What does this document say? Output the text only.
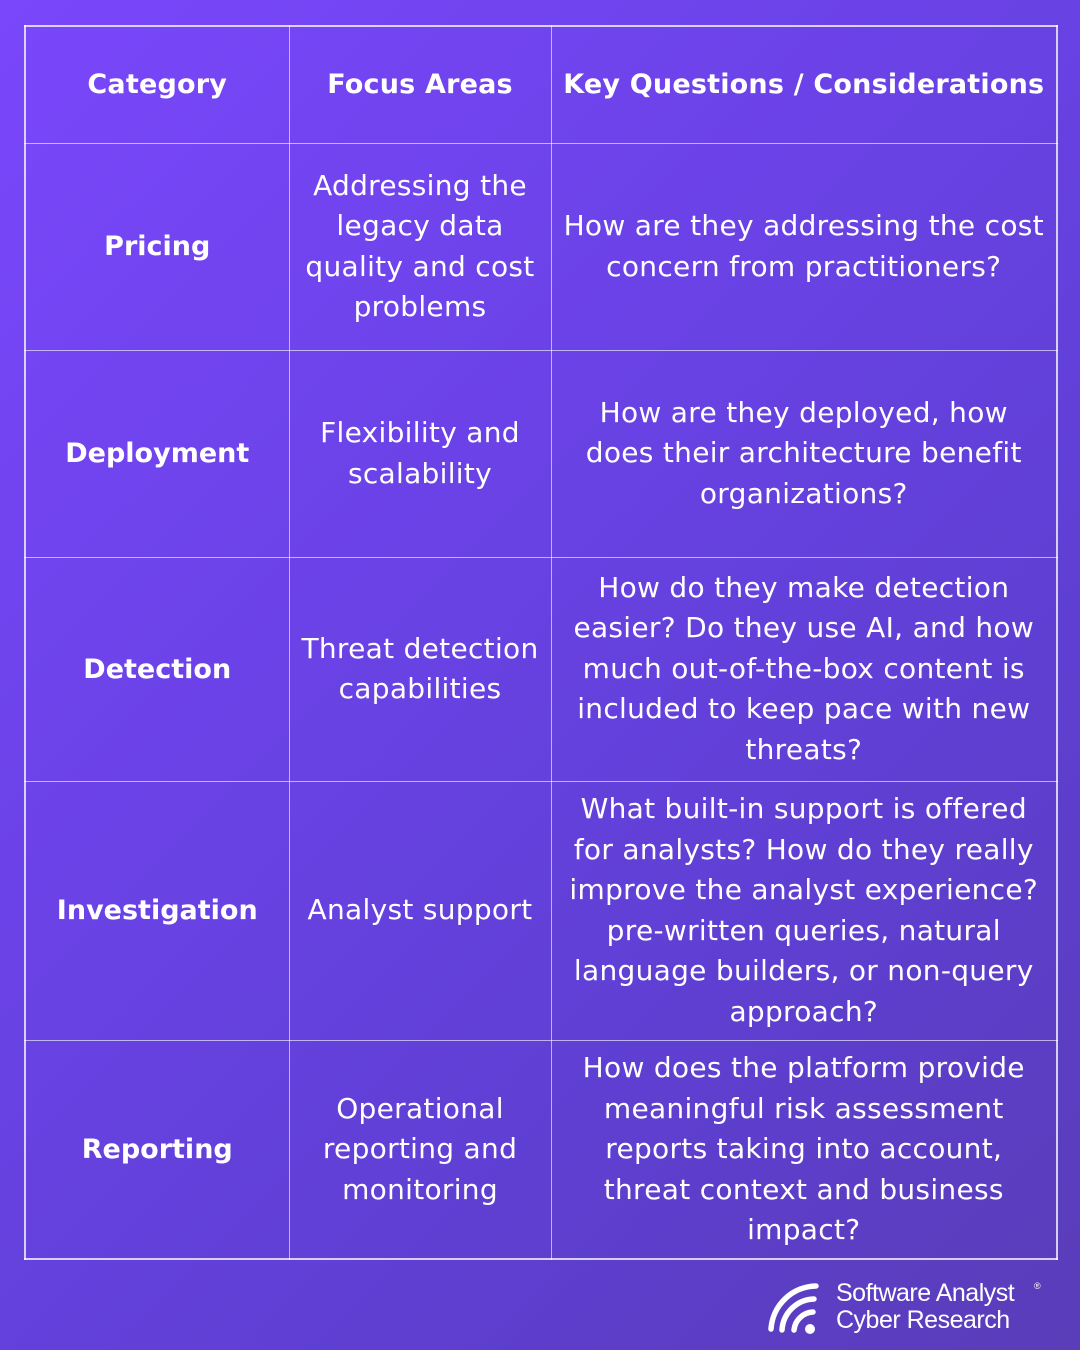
Category	Focus Areas	Key Questions / Considerations
Pricing	Addressing the legacy data quality and cost problems	How are they addressing the cost concern from practitioners?
Deployment	Flexibility and scalability	How are they deployed, how does their architecture benefit organizations?
Detection	Threat detection capabilities	How do they make detection easier? Do they use AI, and how much out-of-the-box content is included to keep pace with new threats?
Investigation	Analyst support	What built-in support is offered for analysts? How do they really improve the analyst experience? pre-written queries, natural language builders, or non-query approach?
Reporting	Operational reporting and monitoring	How does the platform provide meaningful risk assessment reports taking into account, threat context and business impact?
Software Analyst
Cyber Research
®
